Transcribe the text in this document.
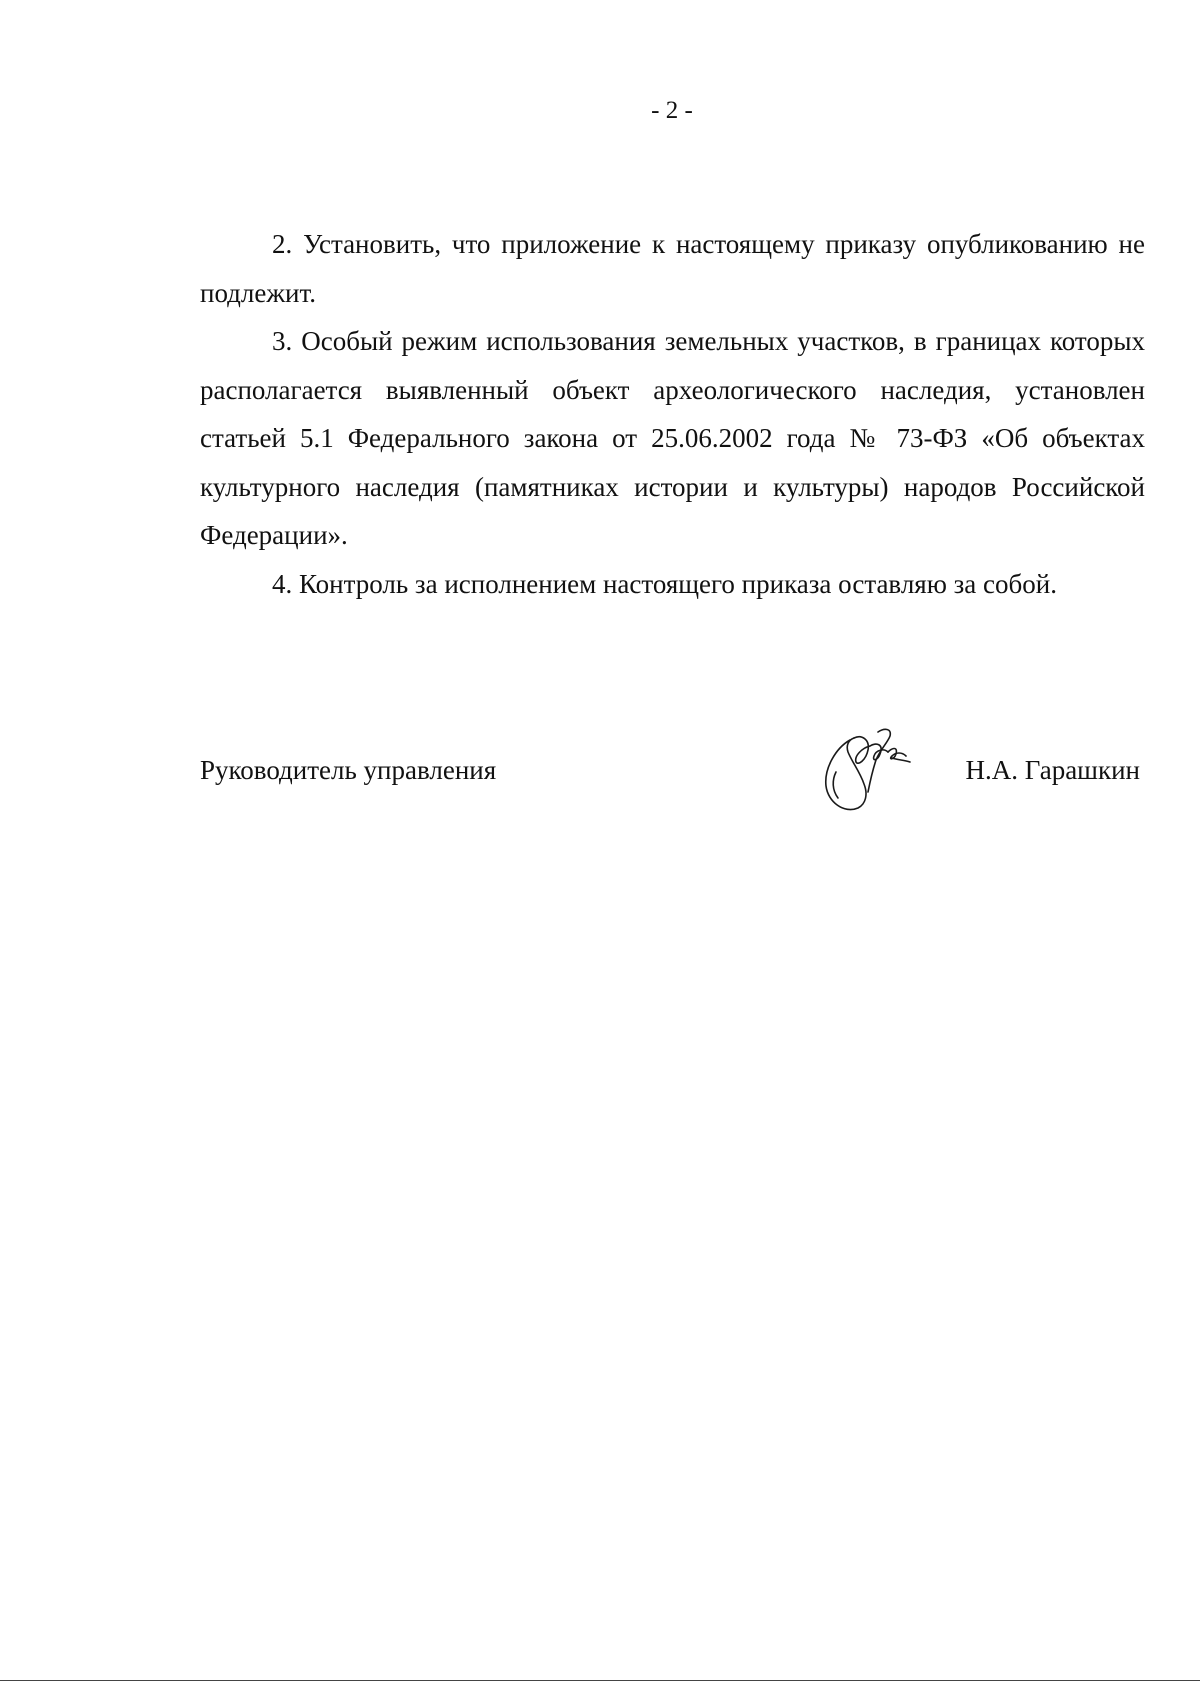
- 2 -

2. Установить, что приложение к настоящему приказу опубликованию не подлежит.

3. Особый режим использования земельных участков, в границах которых располагается выявленный объект археологического наследия, установлен статьей 5.1 Федерального закона от 25.06.2002 года № 73-ФЗ «Об объектах культурного наследия (памятниках истории и культуры) народов Российской Федерации».

4. Контроль за исполнением настоящего приказа оставляю за собой.

Руководитель управления	Н.А. Гарашкин
